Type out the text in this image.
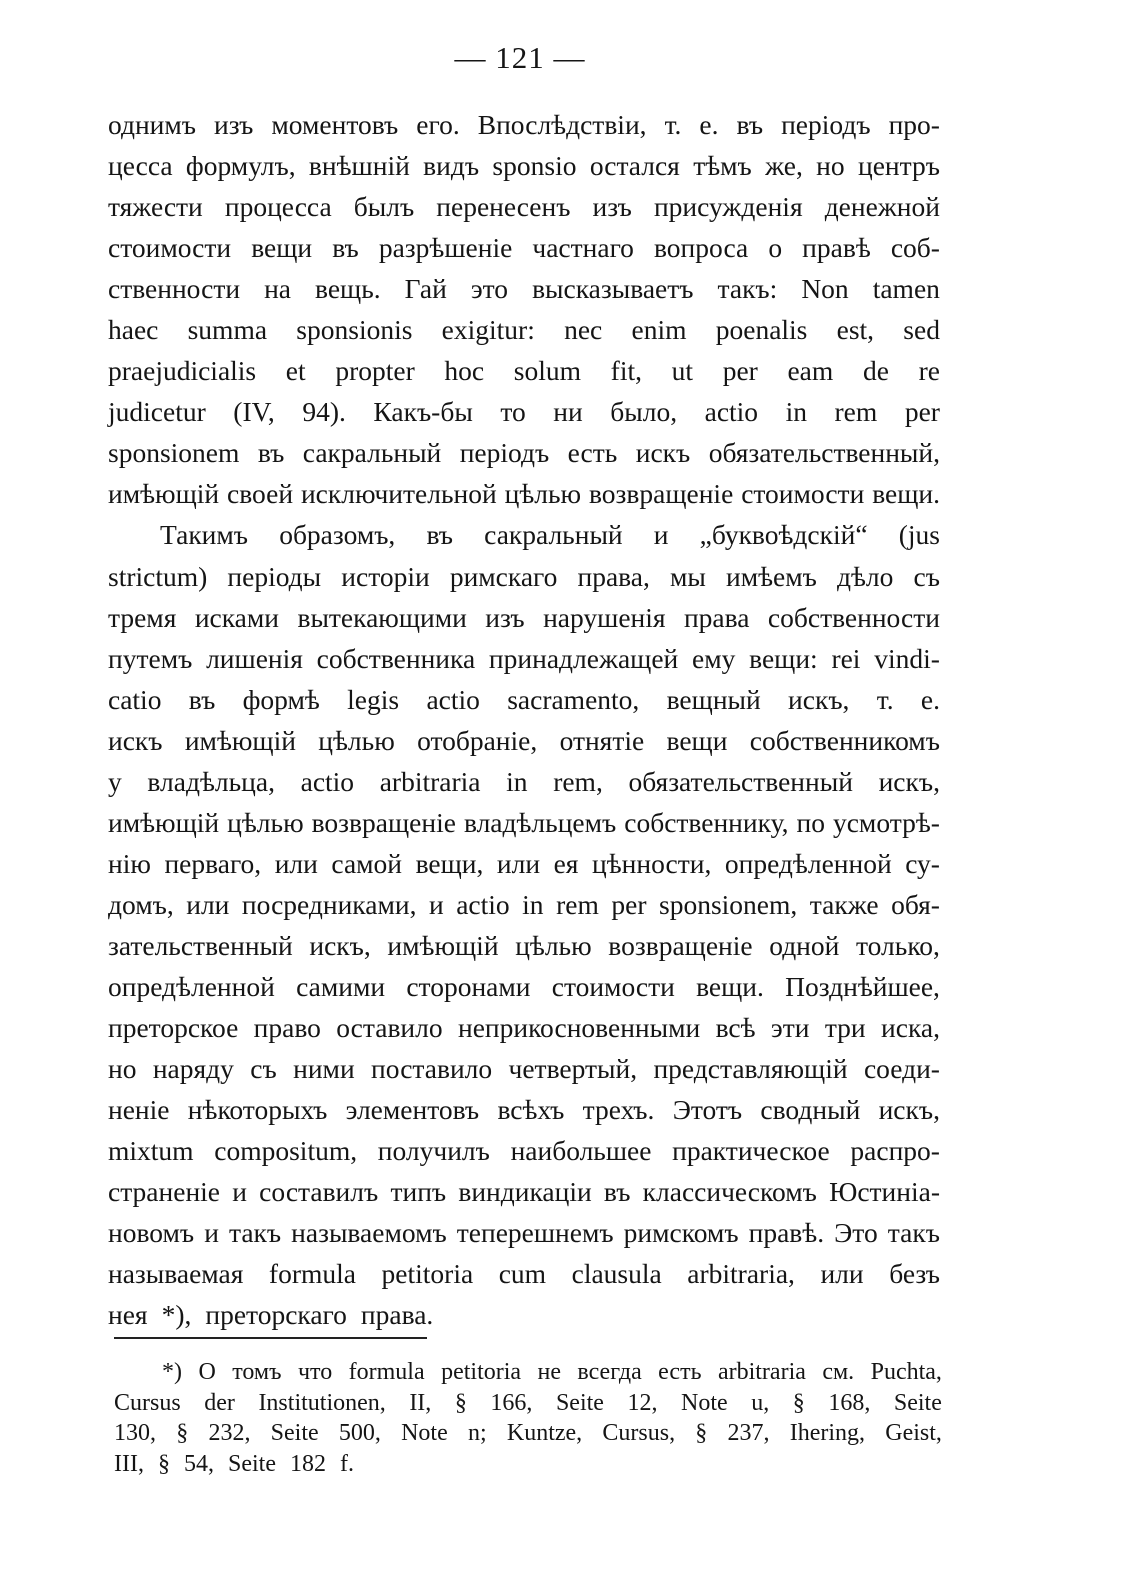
— 121 —
однимъ изъ моментовъ его. Впослѣдствіи, т. е. въ періодъ про-
цесса формулъ, внѣшній видъ sponsio остался тѣмъ же, но центръ
тяжести процесса былъ перенесенъ изъ присужденія денежной
стоимости вещи въ разрѣшеніе частнаго вопроса о правѣ соб-
ственности на вещь. Гай это высказываетъ такъ: Non tamen
haec summa sponsionis exigitur: nec enim poenalis est, sed
praejudicialis et propter hoc solum fit, ut per eam de re
judicetur (IV, 94). Какъ-бы то ни было, actio in rem per
sponsionem въ сакральный періодъ есть искъ обязательственный,
имѣющій своей исключительной цѣлью возвращеніе стоимости вещи.
Такимъ образомъ, въ сакральный и „буквоѣдскій“ (jus
strictum) періоды исторіи римскаго права, мы имѣемъ дѣло съ
тремя исками вытекающими изъ нарушенія права собственности
путемъ лишенія собственника принадлежащей ему вещи: rei vindi-
catio въ формѣ legis actio sacramento, вещный искъ, т. е.
искъ имѣющій цѣлью отобраніе, отнятіе вещи собственникомъ
у владѣльца, actio arbitraria in rem, обязательственный искъ,
имѣющій цѣлью возвращеніе владѣльцемъ собственнику, по усмотрѣ-
нію перваго, или самой вещи, или ея цѣнности, опредѣленной су-
домъ, или посредниками, и actio in rem per sponsionem, также обя-
зательственный искъ, имѣющій цѣлью возвращеніе одной только,
опредѣленной самими сторонами стоимости вещи. Позднѣйшее,
преторское право оставило неприкосновенными всѣ эти три иска,
но наряду съ ними поставило четвертый, представляющій соеди-
неніе нѣкоторыхъ элементовъ всѣхъ трехъ. Этотъ сводный искъ,
mixtum compositum, получилъ наибольшее практическое распро-
страненіе и составилъ типъ виндикаціи въ классическомъ Юстиніа-
новомъ и такъ называемомъ теперешнемъ римскомъ правѣ. Это такъ
называемая formula petitoria cum clausula arbitraria, или безъ
нея *), преторскаго права.
*) О томъ что formula petitoria не всегда есть arbitraria см. Puchta,
Cursus der Institutionen, II, § 166, Seite 12, Note u, § 168, Seite
130, § 232, Seite 500, Note n; Kuntze, Cursus, § 237, Ihering, Geist,
III, § 54, Seite 182 f.
